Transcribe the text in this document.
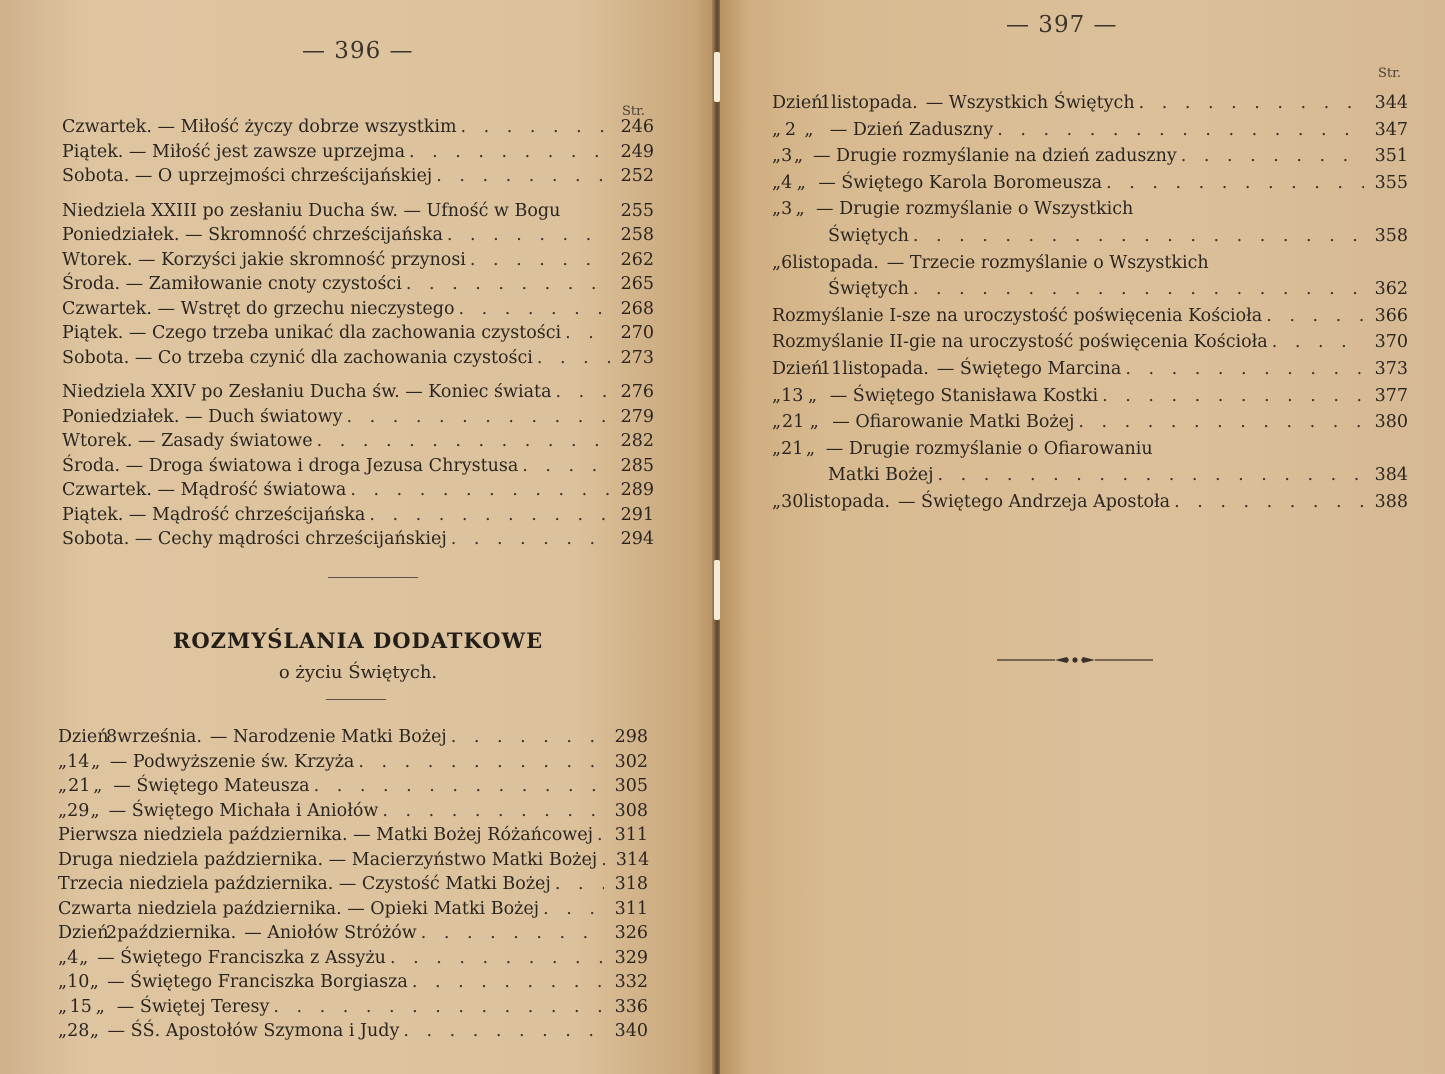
— 396 —
Str.
Czwartek. — Miłość życzy dobrze wszystkim . . .	246
Piątek. — Miłość jest zawsze uprzejma . . .	249
Sobota. — O uprzejmości chrześcijańskiej . . .	252
Niedziela XXIII po zesłaniu Ducha św. — Ufność w Bogu	255
Poniedziałek. — Skromność chrześcijańska . . .	258
Wtorek. — Korzyści jakie skromność przynosi . . .	262
Środa. — Zamiłowanie cnoty czystości . . .	265
Czwartek. — Wstręt do grzechu nieczystego . . .	268
Piątek. — Czego trzeba unikać dla zachowania czystości . . .	270
Sobota. — Co trzeba czynić dla zachowania czystości . . .	273
Niedziela XXIV po Zesłaniu Ducha św. — Koniec świata . . .	276
Poniedziałek. — Duch światowy . . .	279
Wtorek. — Zasady światowe . . .	282
Środa. — Droga światowa i droga Jezusa Chrystusa . . .	285
Czwartek. — Mądrość światowa . . .	289
Piątek. — Mądrość chrześcijańska . . .	291
Sobota. — Cechy mądrości chrześcijańskiej . . .	294
ROZMYŚLANIA DODATKOWE
o życiu Świętych.
Dzień
8 września. — Narodzenie Matki Bożej . . .	298
„ 14 „ — Podwyższenie św. Krzyża . . .	302
„ 21 „ — Świętego Mateusza . . .	305
„ 29 „ — Świętego Michała i Aniołów . . .	308
Pierwsza niedziela października. — Matki Bożej Różańcowej . . .	311
Druga niedziela października. — Macierzyństwo Matki Bożej . . .	314
Trzecia niedziela października. — Czystość Matki Bożej . . .	318
Czwarta niedziela października. — Opieki Matki Bożej . . .	311
Dzień
2 października. — Aniołów Stróżów . . .	326
„ 4 „ — Świętego Franciszka z Assyżu . . .	329
„ 10 „ — Świętego Franciszka Borgiasza . . .	332
„ 15 „ — Świętej Teresy . . .	336
„ 28 „ — ŚŚ. Apostołów Szymona i Judy . . .	340
— 397 —
Str.
Dzień
1 listopada. — Wszystkich Świętych . . .	344
„ 2 „ — Dzień Zaduszny . . .	347
„ 3 „ — Drugie rozmyślanie na dzień zaduszny . . .	351
„ 4 „ — Świętego Karola Boromeusza . . .	355
„ 3 „ — Drugie rozmyślanie o Wszystkich
Świętych . . .	358
„ 6 listopada. — Trzecie rozmyślanie o Wszystkich
Świętych . . .	362
Rozmyślanie I-sze na uroczystość poświęcenia Kościoła . . .	366
Rozmyślanie II-gie na uroczystość poświęcenia Kościoła . . .	370
Dzień
11 listopada. — Świętego Marcina . . .	373
„ 13 „ — Świętego Stanisława Kostki . . .	377
„ 21 „ — Ofiarowanie Matki Bożej . . .	380
„ 21 „ — Drugie rozmyślanie o Ofiarowaniu
Matki Bożej . . .	384
„ 30 listopada. — Świętego Andrzeja Apostoła . . .	388
